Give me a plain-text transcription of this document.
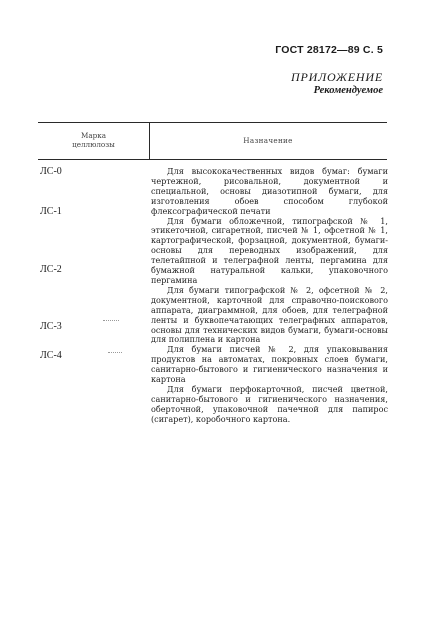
ГОСТ 28172—89 С. 5
ПРИЛОЖЕНИЕ
Рекомендуемое
Марка
целлюлозы	Назначение
ЛС-0
ЛС-1
ЛС-2
ЛС-3
ЛС-4
Для высококачественных видов бумаг: бумаги чертежной, рисовальной, документной и специальной, основы диазотипной бумаги, для изготовления обоев способом глубокой флексографической печати
Для бумаги обложечной, типографской № 1, этикеточной, сигаретной, писчей № 1, офсетной № 1, картографической, форзацной, документной, бумаги-основы для переводных изображений, для телетайпной и телеграфной ленты, пергамина для бумажной натуральной кальки, упаковочного пергамина
Для бумаги типографской № 2, офсетной № 2, документной, карточной для справочно-поискового аппарата, диаграммной, для обоев, для телеграфной ленты и буквопечатающих телеграфных аппаратов, основы для технических видов бумаги, бумаги-основы для полиплена и картона
Для бумаги писчей № 2, для упаковывания продуктов на автоматах, покровных слоев бумаги, санитарно-бытового и гигиенического назначения и картона
Для бумаги перфокарточной, писчей цветной, санитарно-бытового и гигиенического назначения, оберточной, упаковочной пачечной для папирос (сигарет), коробочного картона.
